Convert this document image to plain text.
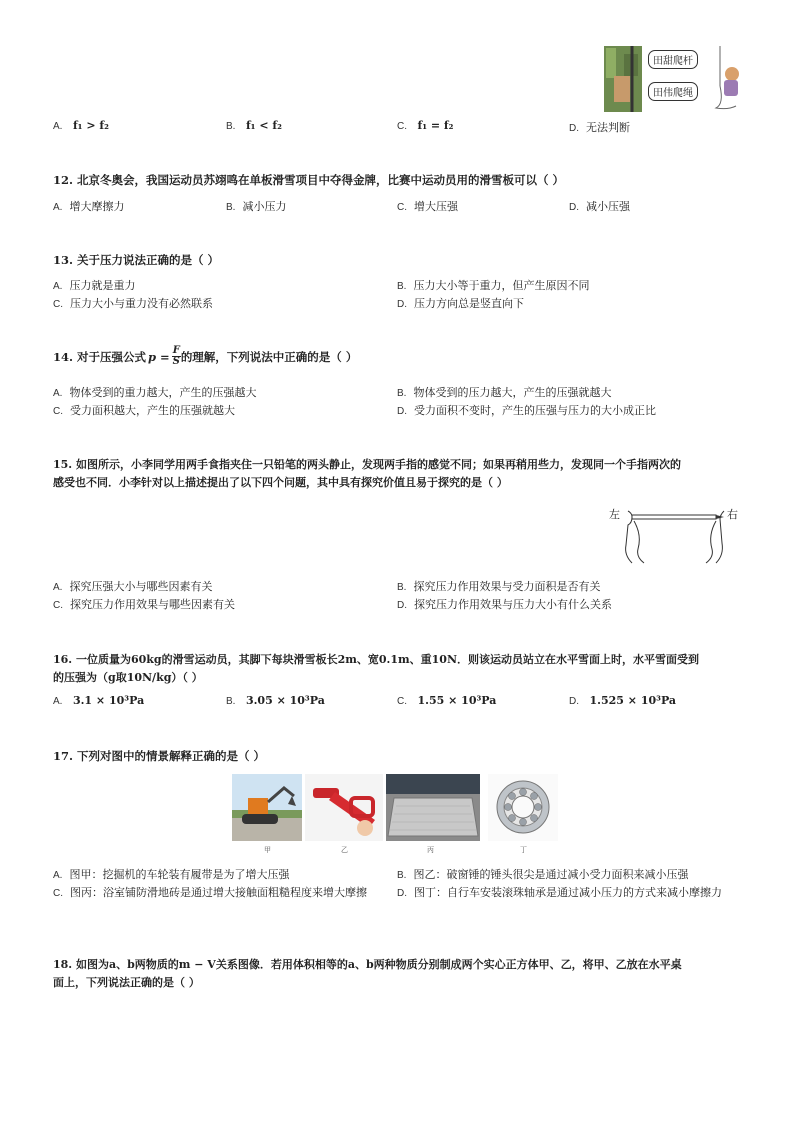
田甜爬杆
田伟爬绳
A. f₁ > f₂	B. f₁ < f₂	C. f₁ = f₂	D. 无法判断
12. 北京冬奥会，我国运动员苏翊鸣在单板滑雪项目中夺得金牌，比赛中运动员用的滑雪板可以（ ）
A. 增大摩擦力	B. 减小压力	C. 增大压强	D. 减小压强
13. 关于压力说法正确的是（ ）
A. 压力就是重力	B. 压力大小等于重力，但产生原因不同
C. 压力大小与重力没有必然联系	D. 压力方向总是竖直向下
14. 对于压强公式 $p = \frac{F}{S}$ 的理解，下列说法中正确的是（ ）
A. 物体受到的重力越大，产生的压强越大	B. 物体受到的压力越大，产生的压强就越大
C. 受力面积越大，产生的压强就越大	D. 受力面积不变时，产生的压强与压力的大小成正比
15. 如图所示，小李同学用两手食指夹住一只铅笔的两头静止，发现两手指的感觉不同；如果再稍用些力，发现同一个手指两次的
感受也不同．小李针对以上描述提出了以下四个问题，其中具有探究价值且易于探究的是（ ）
左	右
A. 探究压强大小与哪些因素有关	B. 探究压力作用效果与受力面积是否有关
C. 探究压力作用效果与哪些因素有关	D. 探究压力作用效果与压力大小有什么关系
16. 一位质量为60kg的滑雪运动员，其脚下每块滑雪板长2m、宽0.1m、重10N．则该运动员站立在水平雪面上时，水平雪面受到
的压强为（g取10N/kg）（ ）
A. 3.1 × 10³Pa	B. 3.05 × 10³Pa	C. 1.55 × 10³Pa	D. 1.525 × 10³Pa
17. 下列对图中的情景解释正确的是（ ）
甲	乙	丙	丁
A. 图甲：挖掘机的车轮装有履带是为了增大压强	B. 图乙：破窗锤的锤头很尖是通过减小受力面积来减小压强
C. 图丙：浴室铺防滑地砖是通过增大接触面粗糙程度来增大摩擦	D. 图丁：自行车安装滚珠轴承是通过减小压力的方式来减小摩擦力
18. 如图为a、b两物质的m − V关系图像．若用体积相等的a、b两种物质分别制成两个实心正方体甲、乙，将甲、乙放在水平桌
面上，下列说法正确的是（ ）
